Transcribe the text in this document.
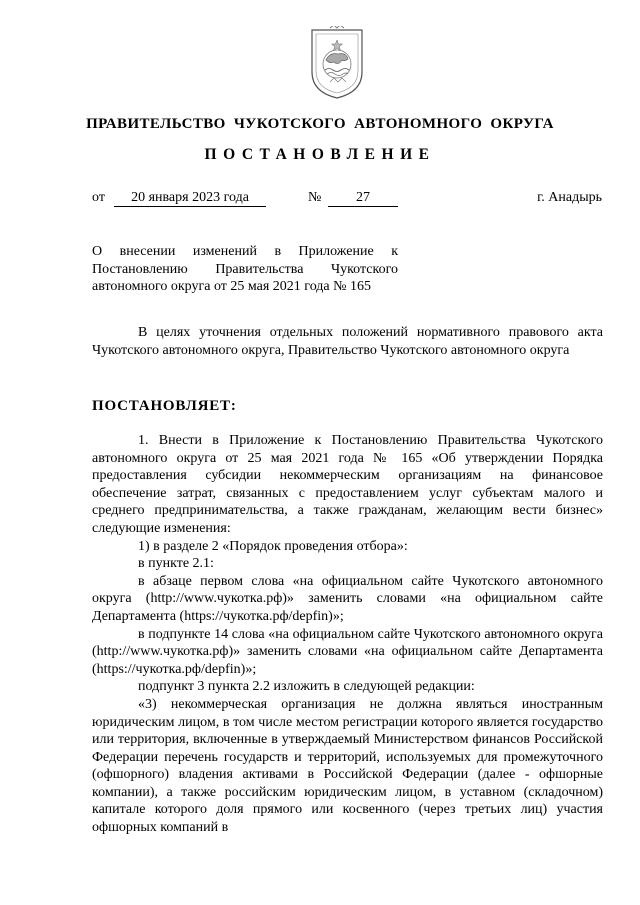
ПРАВИТЕЛЬСТВО ЧУКОТСКОГО АВТОНОМНОГО ОКРУГА
ПОСТАНОВЛЕНИЕ
от	20 января 2023 года	№	27	г. Анадырь
О внесении изменений в Приложение к Постановлению Правительства Чукотского автономного округа от 25 мая 2021 года № 165

В целях уточнения отдельных положений нормативного правового акта Чукотского автономного округа, Правительство Чукотского автономного округа

ПОСТАНОВЛЯЕТ:

1. Внести в Приложение к Постановлению Правительства Чукотского автономного округа от 25 мая 2021 года № 165 «Об утверждении Порядка предоставления субсидии некоммерческим организациям на финансовое обеспечение затрат, связанных с предоставлением услуг субъектам малого и среднего предпринимательства, а также гражданам, желающим вести бизнес» следующие изменения:

1) в разделе 2 «Порядок проведения отбора»:

в пункте 2.1:

в абзаце первом слова «на официальном сайте Чукотского автономного округа (http://www.чукотка.рф)» заменить словами «на официальном сайте Департамента (https://чукотка.рф/depfin)»;

в подпункте 14 слова «на официальном сайте Чукотского автономного округа (http://www.чукотка.рф)» заменить словами «на официальном сайте Департамента (https://чукотка.рф/depfin)»;

подпункт 3 пункта 2.2 изложить в следующей редакции:

«3) некоммерческая организация не должна являться иностранным юридическим лицом, в том числе местом регистрации которого является государство или территория, включенные в утверждаемый Министерством финансов Российской Федерации перечень государств и территорий, используемых для промежуточного (офшорного) владения активами в Российской Федерации (далее - офшорные компании), а также российским юридическим лицом, в уставном (складочном) капитале которого доля прямого или косвенного (через третьих лиц) участия офшорных компаний в
